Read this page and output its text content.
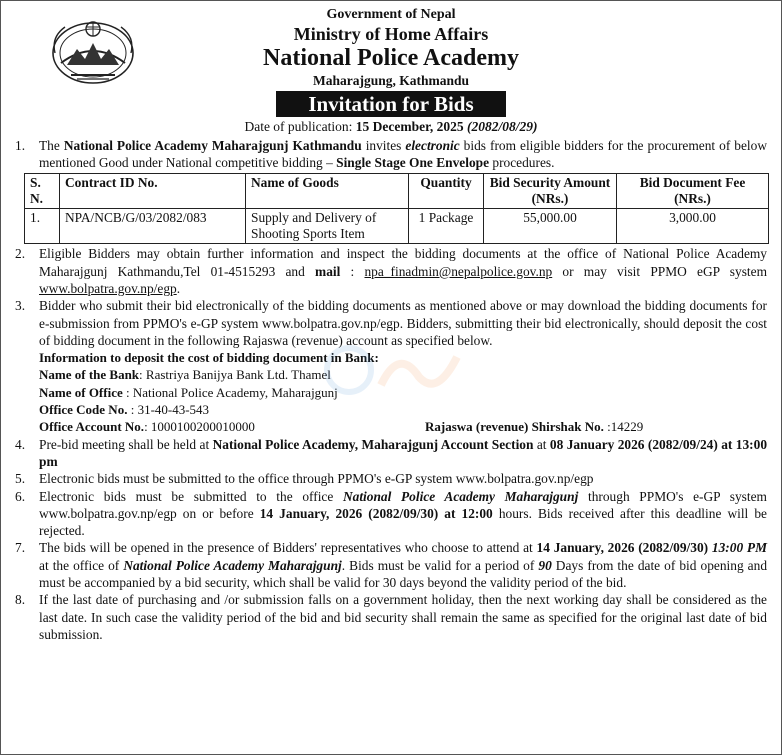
Government of Nepal
Ministry of Home Affairs
National Police Academy
Maharajgung, Kathmandu
Invitation for Bids
Date of publication: 15 December, 2025 (2082/08/29)
1.	The National Police Academy Maharajgunj Kathmandu invites electronic bids from eligible bidders for the procurement of below mentioned Good under National competitive bidding – Single Stage One Envelope procedures.
S. N.	Contract ID No.	Name of Goods	Quantity	Bid Security Amount (NRs.)	Bid Document Fee (NRs.)
1.	NPA/NCB/G/03/2082/083	Supply and Delivery of Shooting Sports Item	1 Package	55,000.00	3,000.00
2.	Eligible Bidders may obtain further information and inspect the bidding documents at the office of National Police Academy Maharajgunj Kathmandu,Tel 01-4515293 and mail : npa_finadmin@nepalpolice.gov.np or may visit PPMO eGP system www.bolpatra.gov.np/egp.
3.	Bidder who submit their bid electronically of the bidding documents as mentioned above or may download the bidding documents for e-submission from PPMO's e-GP system www.bolpatra.gov.np/egp. Bidders, submitting their bid electronically, should deposit the cost of bidding document in the following Rajaswa (revenue) account as specified below.
Information to deposit the cost of bidding document in Bank:
Name of the Bank: Rastriya Banijya Bank Ltd. Thamel
Name of Office : National Police Academy, Maharajgunj
Office Code No. : 31-40-43-543
Office Account No.: 1000100200010000	Rajaswa (revenue) Shirshak No. :14229
4.	Pre-bid meeting shall be held at National Police Academy, Maharajgunj Account Section at 08 January 2026 (2082/09/24) at 13:00 pm
5.	Electronic bids must be submitted to the office through PPMO's e-GP system www.bolpatra.gov.np/egp
6.	Electronic bids must be submitted to the office National Police Academy Maharajgunj through PPMO's e-GP system www.bolpatra.gov.np/egp on or before 14 January, 2026 (2082/09/30) at 12:00 hours. Bids received after this deadline will be rejected.
7.	The bids will be opened in the presence of Bidders' representatives who choose to attend at 14 January, 2026 (2082/09/30) 13:00 PM at the office of National Police Academy Maharajgunj. Bids must be valid for a period of 90 Days from the date of bid opening and must be accompanied by a bid security, which shall be valid for 30 days beyond the validity period of the bid.
8.	If the last date of purchasing and /or submission falls on a government holiday, then the next working day shall be considered as the last date. In such case the validity period of the bid and bid security shall remain the same as specified for the original last date of bid submission.
